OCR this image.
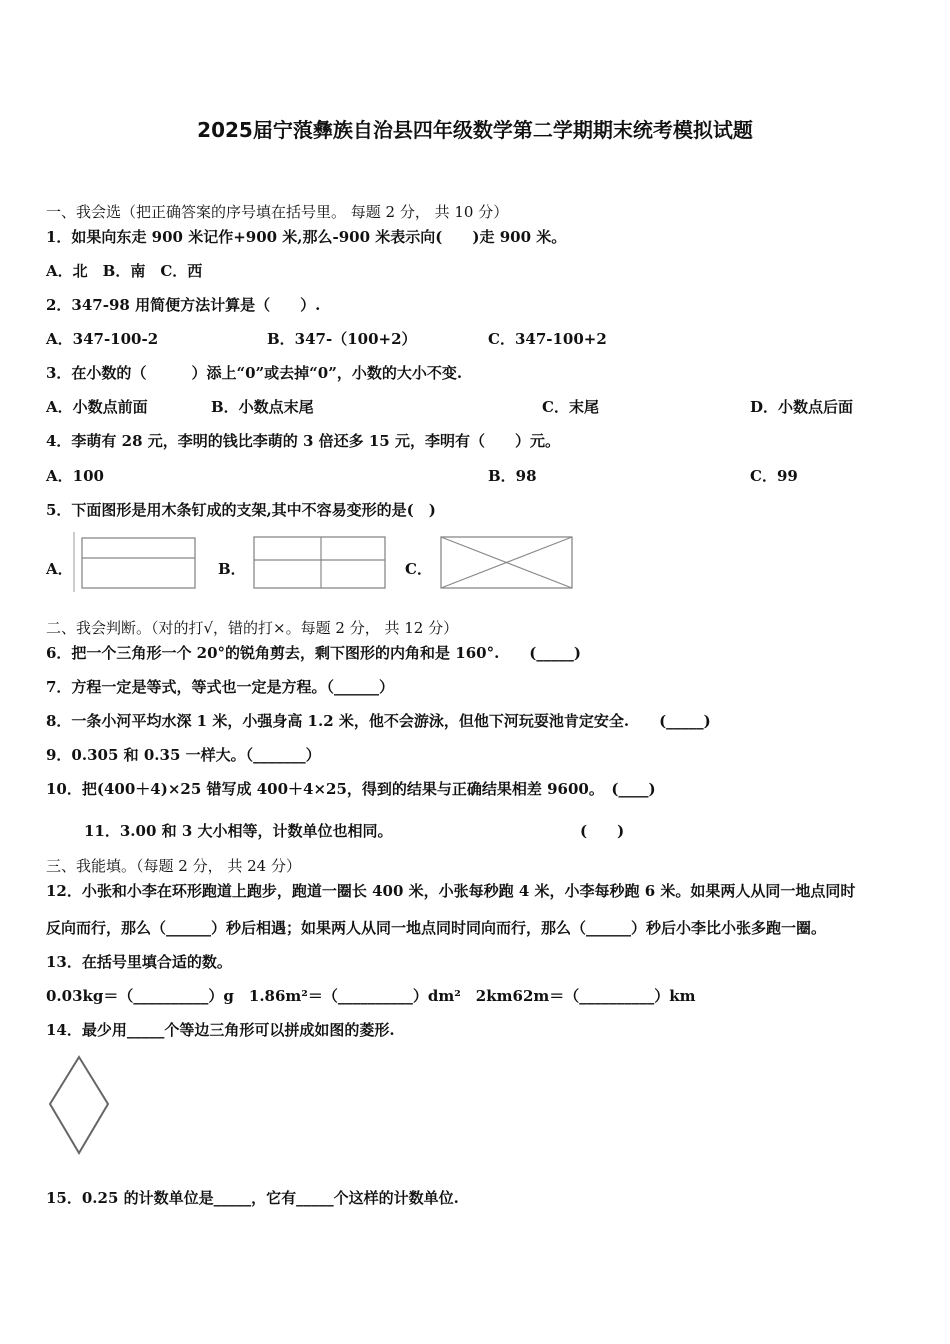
2025届宁蒗彝族自治县四年级数学第二学期期末统考模拟试题
一、我会选（把正确答案的序号填在括号里。 每题 2 分， 共 10 分）
1．如果向东走 900 米记作+900 米,那么-900 米表示向(　　)走 900 米。
A．北　B．南　C．西
2．347-98 用简便方法计算是（　　）.
A．347-100-2	B．347-（100+2）	C．347-100+2
3．在小数的（　　　）添上“0”或去掉“0”，小数的大小不变.
A．小数点前面	B．小数点末尾	C．末尾	D．小数点后面
4．李萌有 28 元，李明的钱比李萌的 3 倍还多 15 元，李明有（　　）元。
A．100	B．98	C．99
5．下面图形是用木条钉成的支架,其中不容易变形的是(　)
A．	B．	C．
二、我会判断。（对的打√，错的打×。每题 2 分， 共 12 分）
6．把一个三角形一个 20°的锐角剪去，剩下图形的内角和是 160°.　　(_____)
7．方程一定是等式，等式也一定是方程。（______）
8．一条小河平均水深 1 米，小强身高 1.2 米，他不会游泳，但他下河玩耍池肯定安全.　　(_____)
9．0.305 和 0.35 一样大。（_______）
10．把(400＋4)×25 错写成 400＋4×25，得到的结果与正确结果相差 9600。　(____)
11．3.00 和 3 大小相等，计数单位也相同。	(　　)
三、我能填。（每题 2 分， 共 24 分）
12．小张和小李在环形跑道上跑步，跑道一圈长 400 米，小张每秒跑 4 米，小李每秒跑 6 米。如果两人从同一地点同时
反向而行，那么（______）秒后相遇；如果两人从同一地点同时同向而行，那么（______）秒后小李比小张多跑一圈。
13．在括号里填合适的数。
0.03kg＝（__________）g　1.86m²＝（__________）dm²　2km62m＝（__________）km
14．最少用_____个等边三角形可以拼成如图的菱形.
15．0.25 的计数单位是_____，它有_____个这样的计数单位.
